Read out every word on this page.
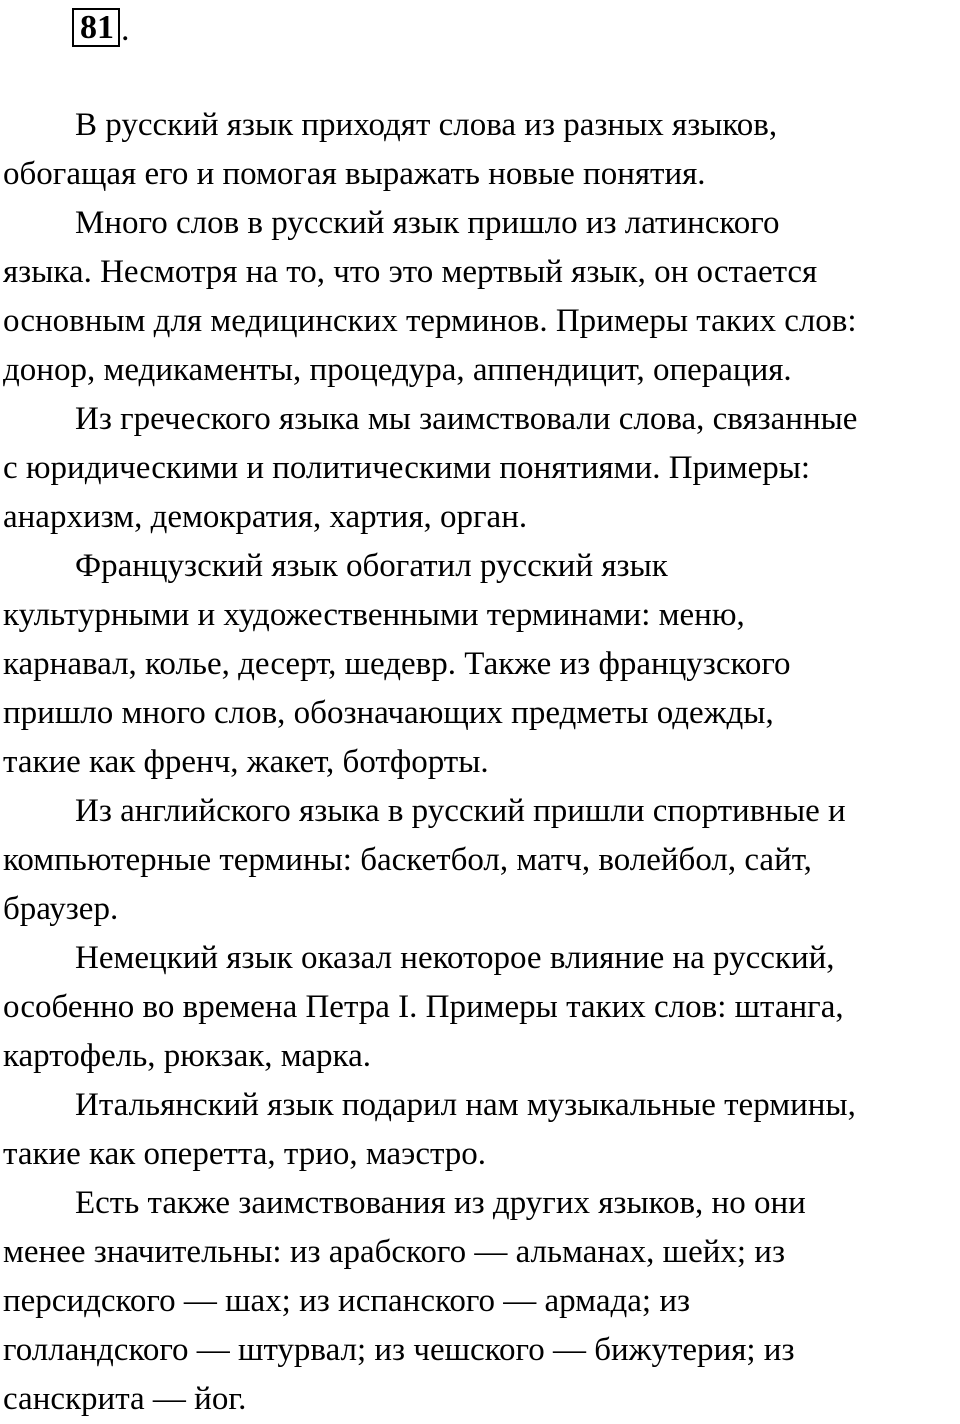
81 .

В русский язык приходят слова из разных языков,
обогащая его и помогая выражать новые понятия.

Много слов в русский язык пришло из латинского
языка. Несмотря на то, что это мертвый язык, он остается
основным для медицинских терминов. Примеры таких слов:
донор, медикаменты, процедура, аппендицит, операция.

Из греческого языка мы заимствовали слова, связанные
с юридическими и политическими понятиями. Примеры:
анархизм, демократия, хартия, орган.

Французский язык обогатил русский язык
культурными и художественными терминами: меню,
карнавал, колье, десерт, шедевр. Также из французского
пришло много слов, обозначающих предметы одежды,
такие как френч, жакет, ботфорты.

Из английского языка в русский пришли спортивные и
компьютерные термины: баскетбол, матч, волейбол, сайт,
браузер.

Немецкий язык оказал некоторое влияние на русский,
особенно во времена Петра I. Примеры таких слов: штанга,
картофель, рюкзак, марка.

Итальянский язык подарил нам музыкальные термины,
такие как оперетта, трио, маэстро.

Есть также заимствования из других языков, но они
менее значительны: из арабского — альманах, шейх; из
персидского — шах; из испанского — армада; из
голландского — штурвал; из чешского — бижутерия; из
санскрита — йог.
